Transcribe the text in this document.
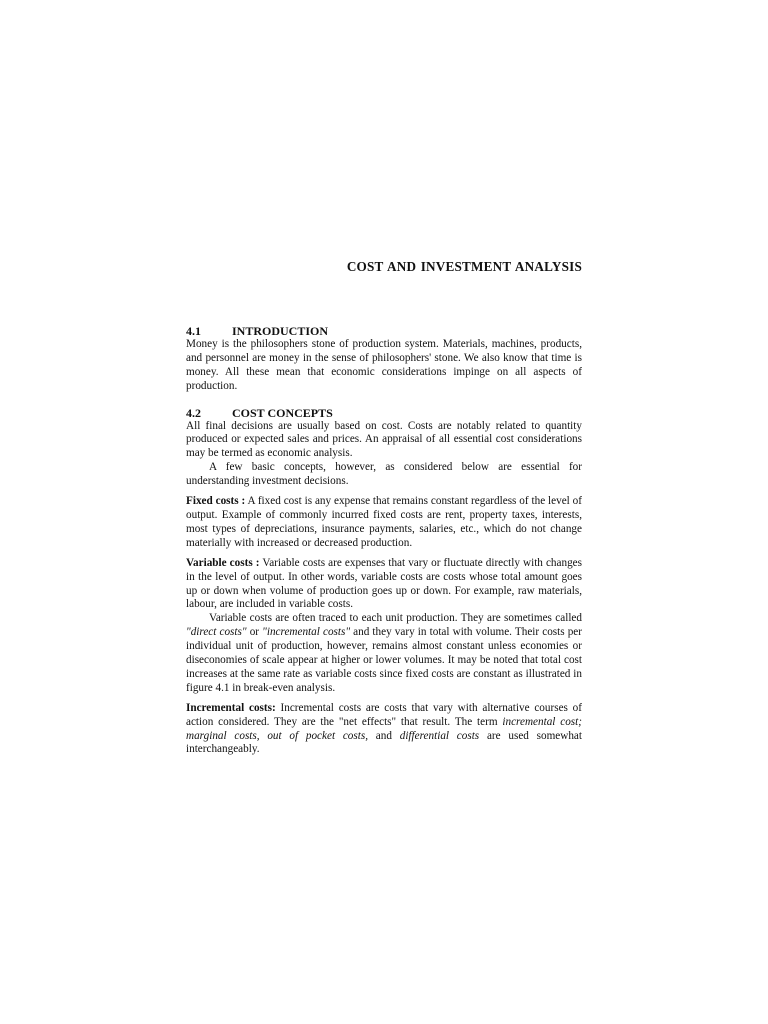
COST AND INVESTMENT ANALYSIS
4.1	INTRODUCTION

Money is the philosophers stone of production system. Materials, machines, products, and personnel are money in the sense of philosophers' stone. We also know that time is money. All these mean that economic considerations impinge on all aspects of production.

4.2	COST CONCEPTS

All final decisions are usually based on cost. Costs are notably related to quantity produced or expected sales and prices. An appraisal of all essential cost considerations may be termed as economic analysis.

A few basic concepts, however, as considered below are essential for understanding investment decisions.

Fixed costs : A fixed cost is any expense that remains constant regardless of the level of output. Example of commonly incurred fixed costs are rent, property taxes, interests, most types of depreciations, insurance payments, salaries, etc., which do not change materially with increased or decreased production.

Variable costs : Variable costs are expenses that vary or fluctuate directly with changes in the level of output. In other words, variable costs are costs whose total amount goes up or down when volume of production goes up or down. For example, raw materials, labour, are included in variable costs.

Variable costs are often traced to each unit production. They are sometimes called "direct costs" or "incremental costs" and they vary in total with volume. Their costs per individual unit of production, however, remains almost constant unless economies or diseconomies of scale appear at higher or lower volumes. It may be noted that total cost increases at the same rate as variable costs since fixed costs are constant as illustrated in figure 4.1 in break-even analysis.

Incremental costs: Incremental costs are costs that vary with alternative courses of action considered. They are the "net effects" that result. The term incremental cost; marginal costs, out of pocket costs, and differential costs are used somewhat interchangeably.
